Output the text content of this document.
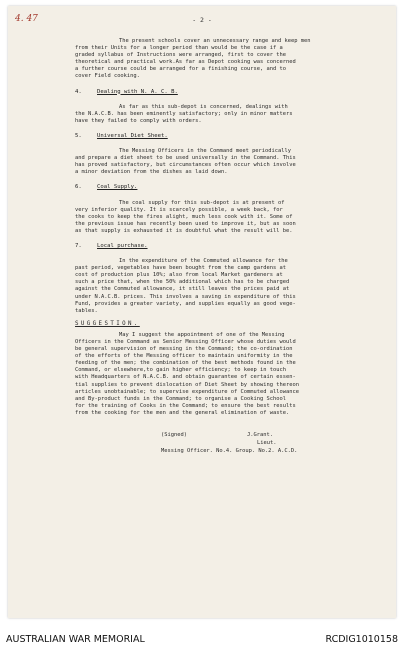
4. 47	- 2 -

The present schools cover an unnecessary range and keep men
from their Units for a longer period than would be the case if a
graded syllabus of Instructions were arranged, first to cover the
theoretical and practical work.As far as Depot cooking was concerned
a further course could be arranged for a finishing course, and to
cover Field cooking.

4.	Dealing with N. A. C. B.

As far as this sub-depot is concerned, dealings with
the N.A.C.B. has been eminently satisfactory; only in minor matters
have they failed to comply with orders.

5.	Universal Diet Sheet.

The Messing Officers in the Command meet periodically
and prepare a diet sheet to be used universally in the Command. This
has proved satisfactory, but circumstances often occur which involve
a minor deviation from the dishes as laid down.

6.	Coal Supply.

The coal supply for this sub-depot is at present of
very inferior quality. It is scarcely possible, a week back, for
the cooks to keep the fires alight, much less cook with it. Some of
the previous issue has recently been used to improve it, but as soon
as that supply is exhausted it is doubtful what the result will be.

7.	Local purchase.

In the expenditure of the Commuted allowance for the
past period, vegetables have been bought from the camp gardens at
cost of production plus 10%; also from local Market gardeners at
such a price that, when the 50% additional which has to be charged
against the Commuted allowance, it still leaves the prices paid at
under N.A.C.B. prices. This involves a saving in expenditure of this
Fund, provides a greater variety, and supplies equally as good vege-
tables.

SUGGESTION.

May I suggest the appointment of one of the Messing
Officers in the Command as Senior Messing Officer whose duties would
be general supervision of messing in the Command; the co-ordination
of the efforts of the Messing officer to maintain uniformity in the
feeding of the men; the combination of the best methods found in the
Command, or elsewhere,to gain higher efficiency; to keep in touch
with Headquarters of N.A.C.B. and obtain guarantee of certain essen-
tial supplies to prevent dislocation of Diet Sheet by showing thereon
articles unobtainable; to supervise expenditure of Commuted allowance
and By-product funds in the Command; to organise a Cooking School
for the training of Cooks in the Command; to ensure the best results
from the cooking for the men and the general elimination of waste.

(Signed)	J.Grant.
Lieut.
Messing Officer. No.4. Group. No.2. A.C.D.
AUSTRALIAN WAR MEMORIAL	RCDIG1010158
